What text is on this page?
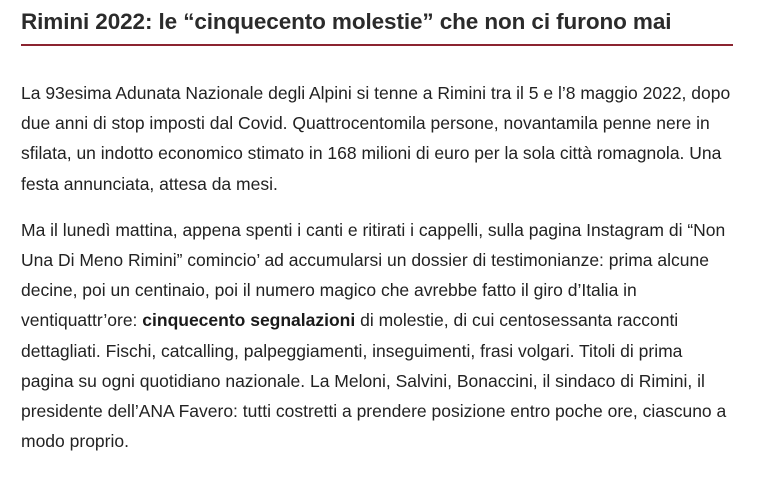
Rimini 2022: le “cinquecento molestie” che non ci furono mai

La 93esima Adunata Nazionale degli Alpini si tenne a Rimini tra il 5 e l’8 maggio 2022, dopo due anni di stop imposti dal Covid. Quattrocentomila persone, novantamila penne nere in sfilata, un indotto economico stimato in 168 milioni di euro per la sola città romagnola. Una festa annunciata, attesa da mesi.

Ma il lunedì mattina, appena spenti i canti e ritirati i cappelli, sulla pagina Instagram di “Non Una Di Meno Rimini” comincio’ ad accumularsi un dossier di testimonianze: prima alcune decine, poi un centinaio, poi il numero magico che avrebbe fatto il giro d’Italia in ventiquattr’ore: cinquecento segnalazioni di molestie, di cui centosessanta racconti dettagliati. Fischi, catcalling, palpeggiamenti, inseguimenti, frasi volgari. Titoli di prima pagina su ogni quotidiano nazionale. La Meloni, Salvini, Bonaccini, il sindaco di Rimini, il presidente dell’ANA Favero: tutti costretti a prendere posizione entro poche ore, ciascuno a modo proprio.
